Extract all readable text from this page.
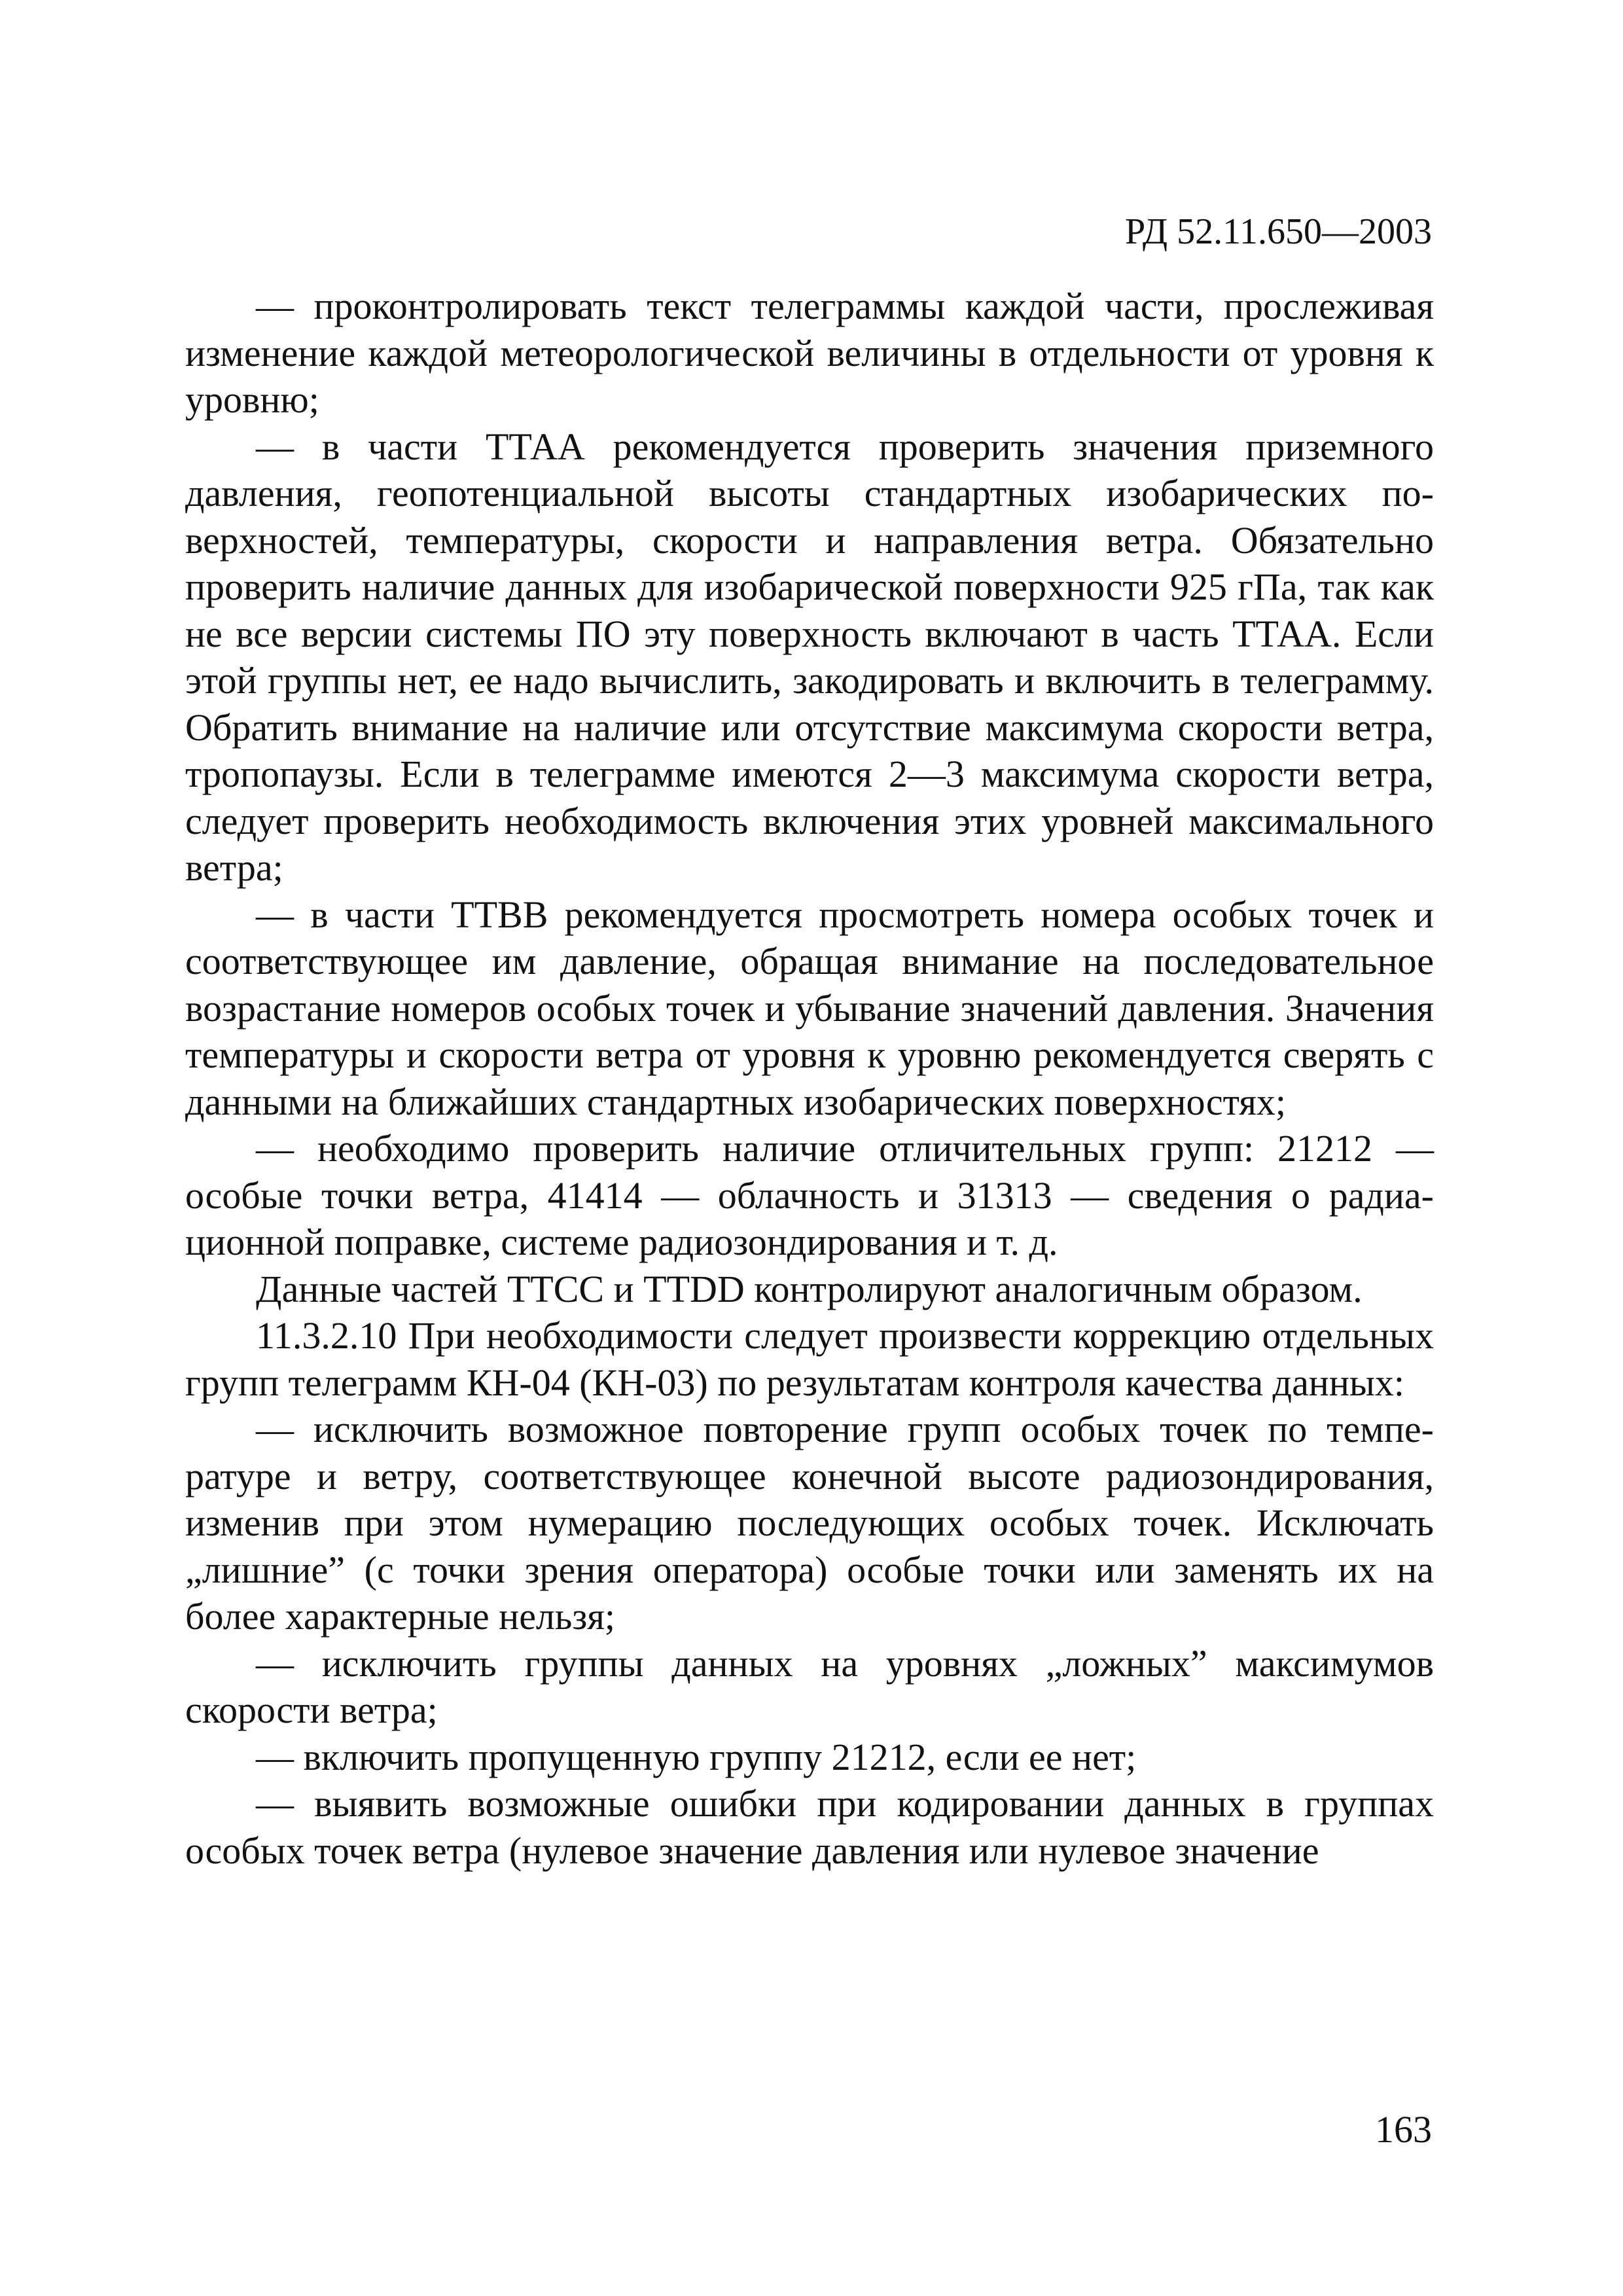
РД 52.11.650—2003

— проконтролировать текст телеграммы каждой части, прослеживая изменение каждой метеорологической величины в отдельности от уровня к уровню;

— в части ТТАА рекомендуется проверить значения приземного давления, геопотенциальной высоты стандартных изобарических поверхностей, температуры, скорости и направления ветра. Обязательно проверить наличие данных для изобарической поверхности 925 гПа, так как не все версии системы ПО эту поверхность включают в часть ТТАА. Если этой группы нет, ее надо вычислить, закодировать и включить в телеграмму. Обратить внимание на наличие или отсутствие максимума скорости ветра, тропопаузы. Если в телеграмме имеются 2—3 максимума скорости ветра, следует проверить необходимость включения этих уровней максимального ветра;

— в части ТТВВ рекомендуется просмотреть номера особых точек и соответствующее им давление, обращая внимание на последовательное возрастание номеров особых точек и убывание значений давления. Значения температуры и скорости ветра от уровня к уровню рекомендуется сверять с данными на ближайших стандартных изобарических поверхностях;

— необходимо проверить наличие отличительных групп: 21212 — особые точки ветра, 41414 — облачность и 31313 — сведения о радиационной поправке, системе радиозондирования и т. д.

Данные частей ТТСС и TTDD контролируют аналогичным образом.

11.3.2.10 При необходимости следует произвести коррекцию отдельных групп телеграмм КН-04 (КН-03) по результатам контроля качества данных:

— исключить возможное повторение групп особых точек по температуре и ветру, соответствующее конечной высоте радиозондирования, изменив при этом нумерацию последующих особых точек. Исключать „лишние” (с точки зрения оператора) особые точки или заменять их на более характерные нельзя;

— исключить группы данных на уровнях „ложных” максимумов скорости ветра;

— включить пропущенную группу 21212, если ее нет;

— выявить возможные ошибки при кодировании данных в группах особых точек ветра (нулевое значение давления или нулевое значение

163
